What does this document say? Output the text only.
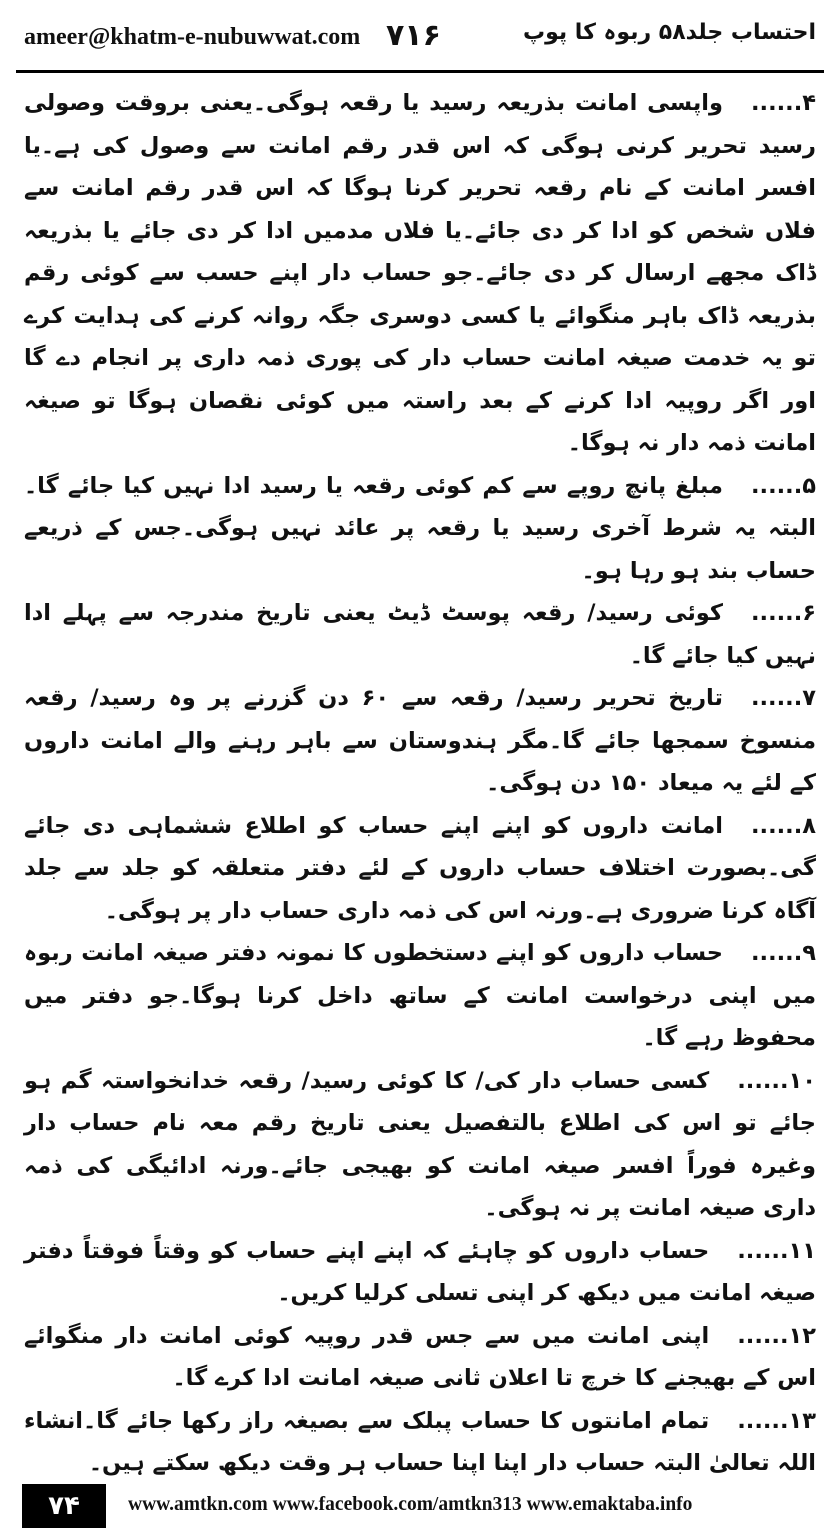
ameer@khatm-e-nubuwwat.com ۷۱۶	احتساب جلد۵۸ ربوہ کا پوپ

۴......واپسی امانت بذریعہ رسید یا رقعہ ہوگی۔یعنی بروقت وصولی رسید تحریر کرنی ہوگی کہ اس قدر رقم امانت سے وصول کی ہے۔یا افسر امانت کے نام رقعہ تحریر کرنا ہوگا کہ اس قدر رقم امانت سے فلاں شخص کو ادا کر دی جائے۔یا فلاں مدمیں ادا کر دی جائے یا بذریعہ ڈاک مجھے ارسال کر دی جائے۔جو حساب دار اپنے حسب سے کوئی رقم بذریعہ ڈاک باہر منگوائے یا کسی دوسری جگہ روانہ کرنے کی ہدایت کرے تو یہ خدمت صیغہ امانت حساب دار کی پوری ذمہ داری پر انجام دے گا اور اگر روپیہ ادا کرنے کے بعد راستہ میں کوئی نقصان ہوگا تو صیغہ امانت ذمہ دار نہ ہوگا۔

۵......مبلغ پانچ روپے سے کم کوئی رقعہ یا رسید ادا نہیں کیا جائے گا۔البتہ یہ شرط آخری رسید یا رقعہ پر عائد نہیں ہوگی۔جس کے ذریعے حساب بند ہو رہا ہو۔

۶......کوئی رسید/ رقعہ پوسٹ ڈیٹ یعنی تاریخ مندرجہ سے پہلے ادا نہیں کیا جائے گا۔

۷......تاریخ تحریر رسید/ رقعہ سے ۶۰ دن گزرنے پر وہ رسید/ رقعہ منسوخ سمجھا جائے گا۔مگر ہندوستان سے باہر رہنے والے امانت داروں کے لئے یہ میعاد ۱۵۰ دن ہوگی۔

۸......امانت داروں کو اپنے اپنے حساب کو اطلاع ششماہی دی جائے گی۔بصورت اختلاف حساب داروں کے لئے دفتر متعلقہ کو جلد سے جلد آگاہ کرنا ضروری ہے۔ورنہ اس کی ذمہ داری حساب دار پر ہوگی۔

۹......حساب داروں کو اپنے دستخطوں کا نمونہ دفتر صیغہ امانت ربوہ میں اپنی درخواست امانت کے ساتھ داخل کرنا ہوگا۔جو دفتر میں محفوظ رہے گا۔

۱۰......کسی حساب دار کی/ کا کوئی رسید/ رقعہ خدانخواستہ گم ہو جائے تو اس کی اطلاع بالتفصیل یعنی تاریخ رقم معہ نام حساب دار وغیرہ فوراً افسر صیغہ امانت کو بھیجی جائے۔ورنہ ادائیگی کی ذمہ داری صیغہ امانت پر نہ ہوگی۔

۱۱......حساب داروں کو چاہئے کہ اپنے اپنے حساب کو وقتاً فوقتاً دفتر صیغہ امانت میں دیکھ کر اپنی تسلی کرلیا کریں۔

۱۲......اپنی امانت میں سے جس قدر روپیہ کوئی امانت دار منگوائے اس کے بھیجنے کا خرچ تا اعلان ثانی صیغہ امانت ادا کرے گا۔

۱۳......تمام امانتوں کا حساب پبلک سے بصیغہ راز رکھا جائے گا۔انشاء اللہ تعالیٰ البتہ حساب دار اپنا اپنا حساب ہر وقت دیکھ سکتے ہیں۔

۷۴	www.amtkn.com www.facebook.com/amtkn313 www.emaktaba.info
